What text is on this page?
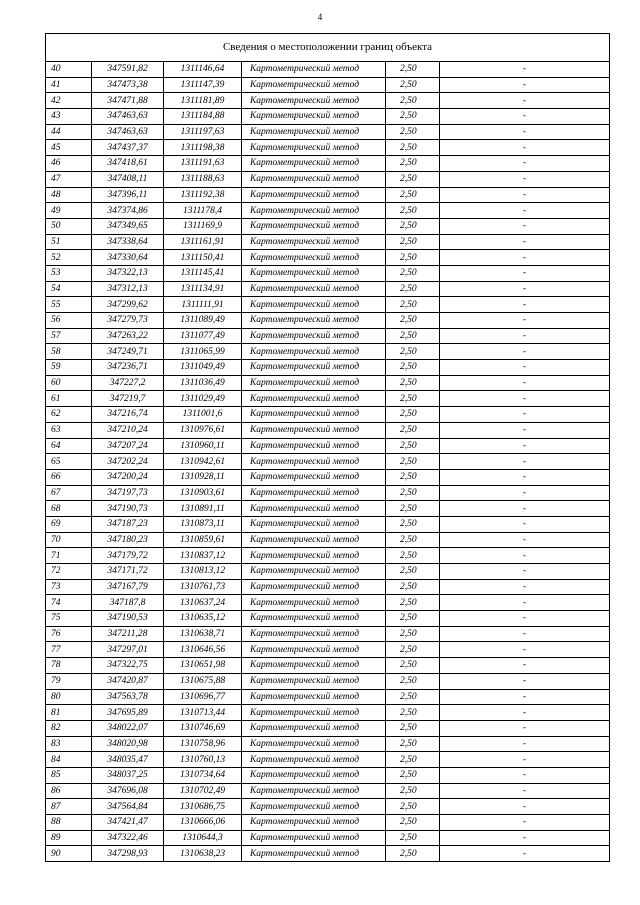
4
Сведения о местоположении границ объекта					
40	347591,82	1311146,64	Картометрический метод	2,50	-
41	347473,38	1311147,39	Картометрический метод	2,50	-
42	347471,88	1311181,89	Картометрический метод	2,50	-
43	347463,63	1311184,88	Картометрический метод	2,50	-
44	347463,63	1311197,63	Картометрический метод	2,50	-
45	347437,37	1311198,38	Картометрический метод	2,50	-
46	347418,61	1311191,63	Картометрический метод	2,50	-
47	347408,11	1311188,63	Картометрический метод	2,50	-
48	347396,11	1311192,38	Картометрический метод	2,50	-
49	347374,86	1311178,4	Картометрический метод	2,50	-
50	347349,65	1311169,9	Картометрический метод	2,50	-
51	347338,64	1311161,91	Картометрический метод	2,50	-
52	347330,64	1311150,41	Картометрический метод	2,50	-
53	347322,13	1311145,41	Картометрический метод	2,50	-
54	347312,13	1311134,91	Картометрический метод	2,50	-
55	347299,62	1311111,91	Картометрический метод	2,50	-
56	347279,73	1311089,49	Картометрический метод	2,50	-
57	347263,22	1311077,49	Картометрический метод	2,50	-
58	347249,71	1311065,99	Картометрический метод	2,50	-
59	347236,71	1311049,49	Картометрический метод	2,50	-
60	347227,2	1311036,49	Картометрический метод	2,50	-
61	347219,7	1311029,49	Картометрический метод	2,50	-
62	347216,74	1311001,6	Картометрический метод	2,50	-
63	347210,24	1310976,61	Картометрический метод	2,50	-
64	347207,24	1310960,11	Картометрический метод	2,50	-
65	347202,24	1310942,61	Картометрический метод	2,50	-
66	347200,24	1310928,11	Картометрический метод	2,50	-
67	347197,73	1310903,61	Картометрический метод	2,50	-
68	347190,73	1310891,11	Картометрический метод	2,50	-
69	347187,23	1310873,11	Картометрический метод	2,50	-
70	347180,23	1310859,61	Картометрический метод	2,50	-
71	347179,72	1310837,12	Картометрический метод	2,50	-
72	347171,72	1310813,12	Картометрический метод	2,50	-
73	347167,79	1310761,73	Картометрический метод	2,50	-
74	347187,8	1310637,24	Картометрический метод	2,50	-
75	347190,53	1310635,12	Картометрический метод	2,50	-
76	347211,28	1310638,71	Картометрический метод	2,50	-
77	347297,01	1310646,56	Картометрический метод	2,50	-
78	347322,75	1310651,98	Картометрический метод	2,50	-
79	347420,87	1310675,88	Картометрический метод	2,50	-
80	347563,78	1310696,77	Картометрический метод	2,50	-
81	347695,89	1310713,44	Картометрический метод	2,50	-
82	348022,07	1310746,69	Картометрический метод	2,50	-
83	348020,98	1310758,96	Картометрический метод	2,50	-
84	348035,47	1310760,13	Картометрический метод	2,50	-
85	348037,25	1310734,64	Картометрический метод	2,50	-
86	347696,08	1310702,49	Картометрический метод	2,50	-
87	347564,84	1310686,75	Картометрический метод	2,50	-
88	347421,47	1310666,06	Картометрический метод	2,50	-
89	347322,46	1310644,3	Картометрический метод	2,50	-
90	347298,93	1310638,23	Картометрический метод	2,50	-
